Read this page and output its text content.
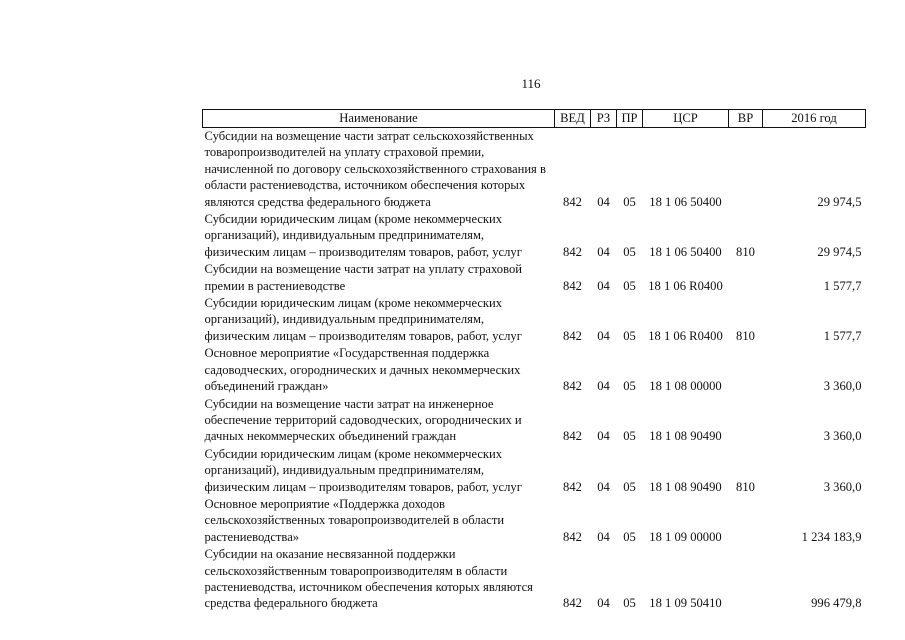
116
Наименование	ВЕД	РЗ	ПР	ЦСР	ВР	2016 год
Субсидии на возмещение части затрат сельскохозяйственных товаропроизводителей на уплату страховой премии, начисленной по договору сельскохозяйственного страхования в области растениеводства, источником обеспечения которых являются средства федерального бюджета	842	04	05	18 1 06 50400		29 974,5
Субсидии юридическим лицам (кроме некоммерческих организаций), индивидуальным предпринимателям, физическим лицам – производителям товаров, работ, услуг	842	04	05	18 1 06 50400	810	29 974,5
Субсидии на возмещение части затрат на уплату страховой премии в растениеводстве	842	04	05	18 1 06 R0400		1 577,7
Субсидии юридическим лицам (кроме некоммерческих организаций), индивидуальным предпринимателям, физическим лицам – производителям товаров, работ, услуг	842	04	05	18 1 06 R0400	810	1 577,7
Основное мероприятие «Государственная поддержка садоводческих, огороднических и дачных некоммерческих объединений граждан»	842	04	05	18 1 08 00000		3 360,0
Субсидии на возмещение части затрат на инженерное обеспечение территорий садоводческих, огороднических и дачных некоммерческих объединений граждан	842	04	05	18 1 08 90490		3 360,0
Субсидии юридическим лицам (кроме некоммерческих организаций), индивидуальным предпринимателям, физическим лицам – производителям товаров, работ, услуг	842	04	05	18 1 08 90490	810	3 360,0
Основное мероприятие «Поддержка доходов сельскохозяйственных товаропроизводителей в области растениеводства»	842	04	05	18 1 09 00000		1 234 183,9
Субсидии на оказание несвязанной поддержки сельскохозяйственным товаропроизводителям в области растениеводства, источником обеспечения которых являются средства федерального бюджета	842	04	05	18 1 09 50410		996 479,8
